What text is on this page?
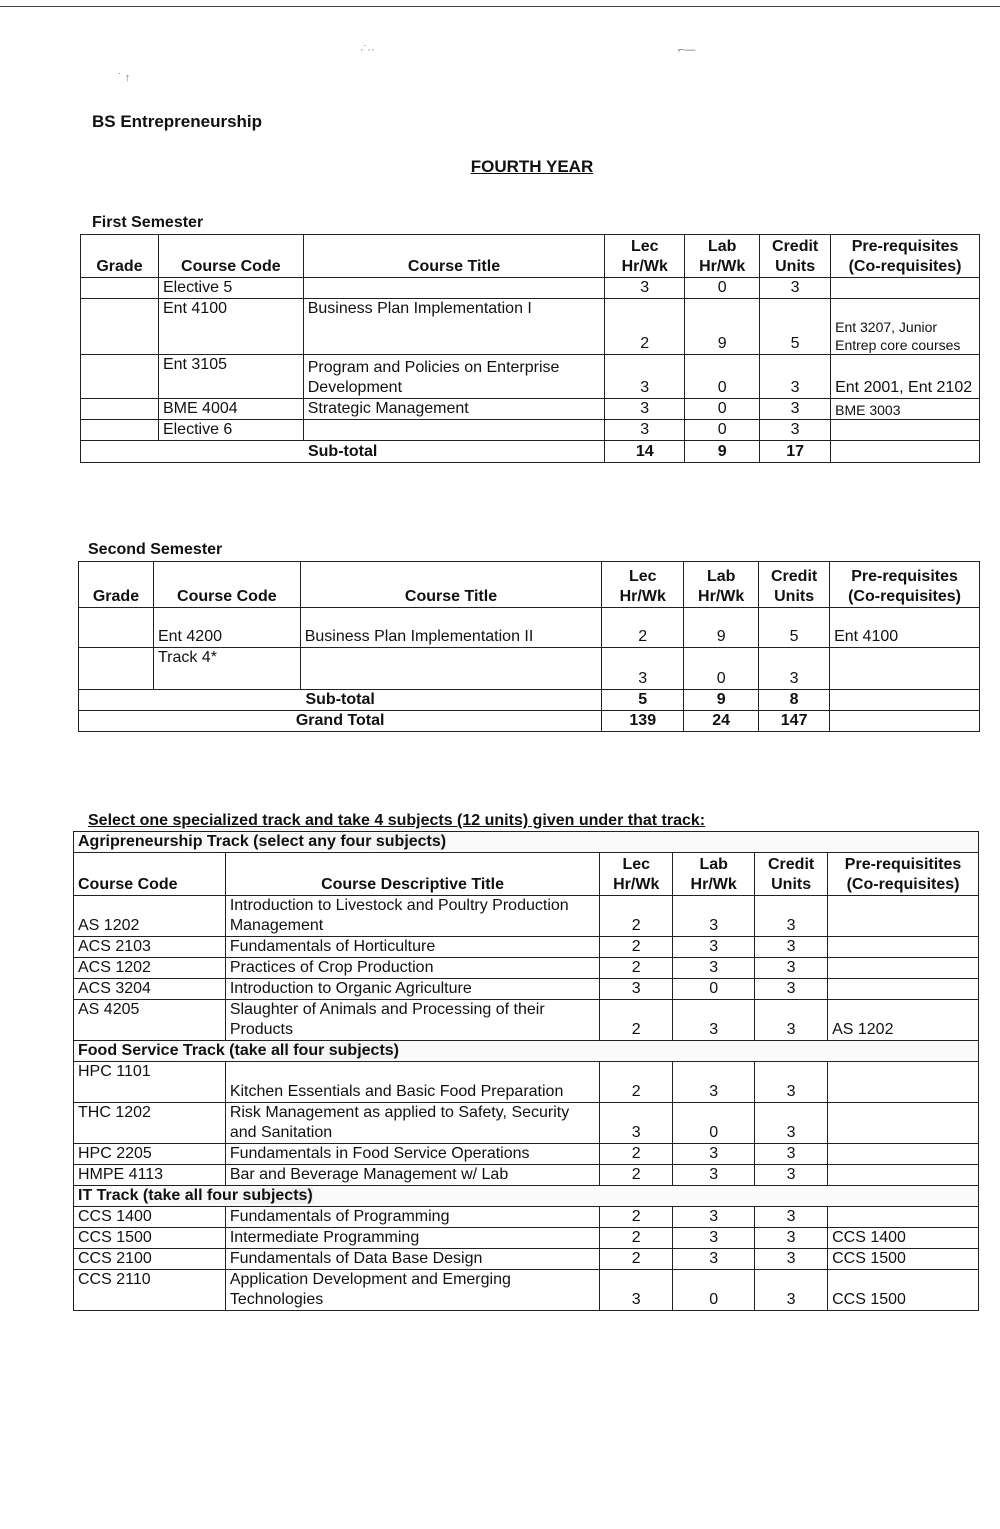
·˙··	⌐—
˙ ↑
BS Entrepreneurship
FOURTH YEAR
First Semester
Grade	Course Code	Course Title	Lec Hr/Wk	Lab Hr/Wk	Credit Units	Pre-requisites (Co-requisites)
	Elective 5		3	0	3	
	Ent 4100	Business Plan Implementation I	2	9	5	Ent 3207, Junior Entrep core courses
	Ent 3105	Program and Policies on Enterprise Development	3	0	3	Ent 2001, Ent 2102
	BME 4004	Strategic Management	3	0	3	BME 3003
	Elective 6		3	0	3	
Sub-total			14	9	17	
Second Semester
Grade	Course Code	Course Title	Lec Hr/Wk	Lab Hr/Wk	Credit Units	Pre-requisites (Co-requisites)
	Ent 4200	Business Plan Implementation II	2	9	5	Ent 4100
	Track 4*		3	0	3	
Sub-total			5	9	8	
Grand Total			139	24	147	
Select one specialized track and take 4 subjects (12 units) given under that track:
Agripreneurship Track (select any four subjects)					
Course Code	Course Descriptive Title	Lec Hr/Wk	Lab Hr/Wk	Credit Units	Pre-requisitites (Co-requisites)
AS 1202	Introduction to Livestock and Poultry Production Management	2	3	3	
ACS 2103	Fundamentals of Horticulture	2	3	3	
ACS 1202	Practices of Crop Production	2	3	3	
ACS 3204	Introduction to Organic Agriculture	3	0	3	
AS 4205	Slaughter of Animals and Processing of their Products	2	3	3	AS 1202
Food Service Track (take all four subjects)					
HPC 1101	Kitchen Essentials and Basic Food Preparation	2	3	3	
THC 1202	Risk Management as applied to Safety, Security and Sanitation	3	0	3	
HPC 2205	Fundamentals in Food Service Operations	2	3	3	
HMPE 4113	Bar and Beverage Management w/ Lab	2	3	3	
IT Track (take all four subjects)					
CCS 1400	Fundamentals of Programming	2	3	3	
CCS 1500	Intermediate Programming	2	3	3	CCS 1400
CCS 2100	Fundamentals of Data Base Design	2	3	3	CCS 1500
CCS 2110	Application Development and Emerging Technologies	3	0	3	CCS 1500
